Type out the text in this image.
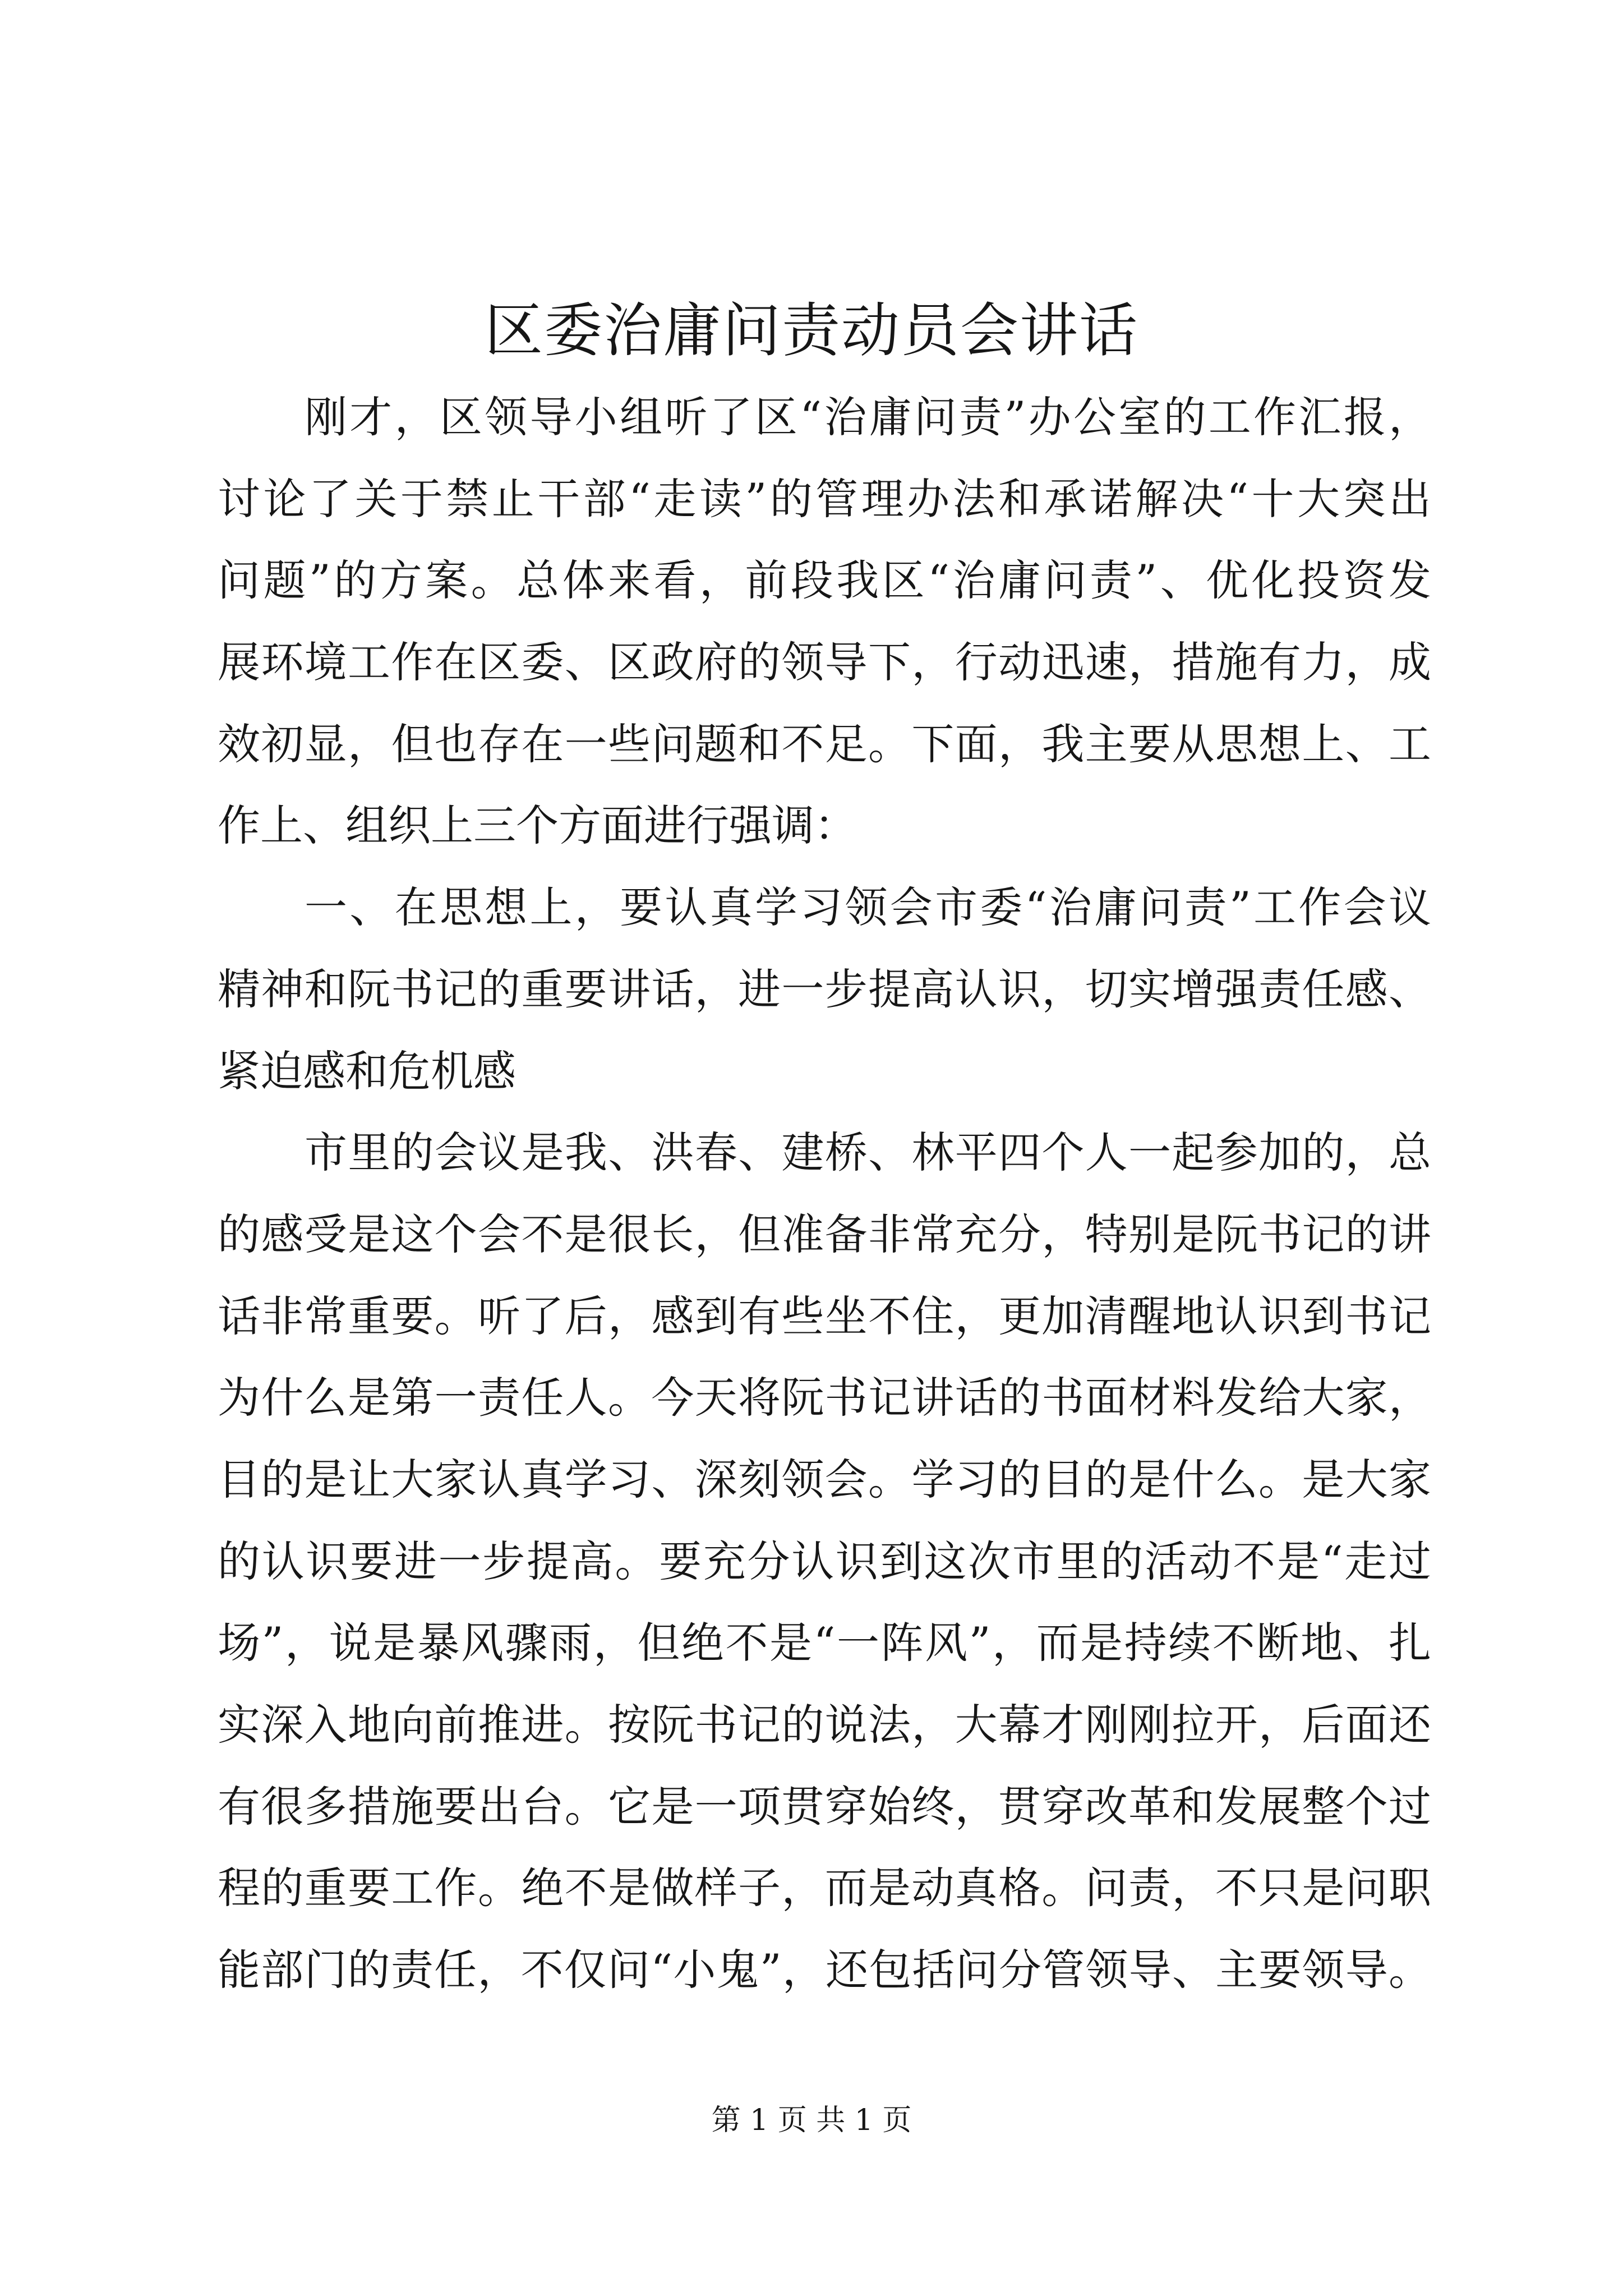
区委治庸问责动员会讲话
刚才，区领导小组听了区“治庸问责”办公室的工作汇报，
讨论了关于禁止干部“走读”的管理办法和承诺解决“十大突出
问题”的方案。总体来看，前段我区“治庸问责”、优化投资发
展环境工作在区委、区政府的领导下，行动迅速，措施有力，成
效初显，但也存在一些问题和不足。下面，我主要从思想上、工
作上、组织上三个方面进行强调：
一、在思想上，要认真学习领会市委“治庸问责”工作会议
精神和阮书记的重要讲话，进一步提高认识，切实增强责任感、
紧迫感和危机感
市里的会议是我、洪春、建桥、林平四个人一起参加的，总
的感受是这个会不是很长，但准备非常充分，特别是阮书记的讲
话非常重要。听了后，感到有些坐不住，更加清醒地认识到书记
为什么是第一责任人。今天将阮书记讲话的书面材料发给大家，
目的是让大家认真学习、深刻领会。学习的目的是什么。是大家
的认识要进一步提高。要充分认识到这次市里的活动不是“走过
场”，说是暴风骤雨，但绝不是“一阵风”，而是持续不断地、扎
实深入地向前推进。按阮书记的说法，大幕才刚刚拉开，后面还
有很多措施要出台。它是一项贯穿始终，贯穿改革和发展整个过
程的重要工作。绝不是做样子，而是动真格。问责，不只是问职
能部门的责任，不仅问“小鬼”，还包括问分管领导、主要领导。
第 1 页 共 1 页
